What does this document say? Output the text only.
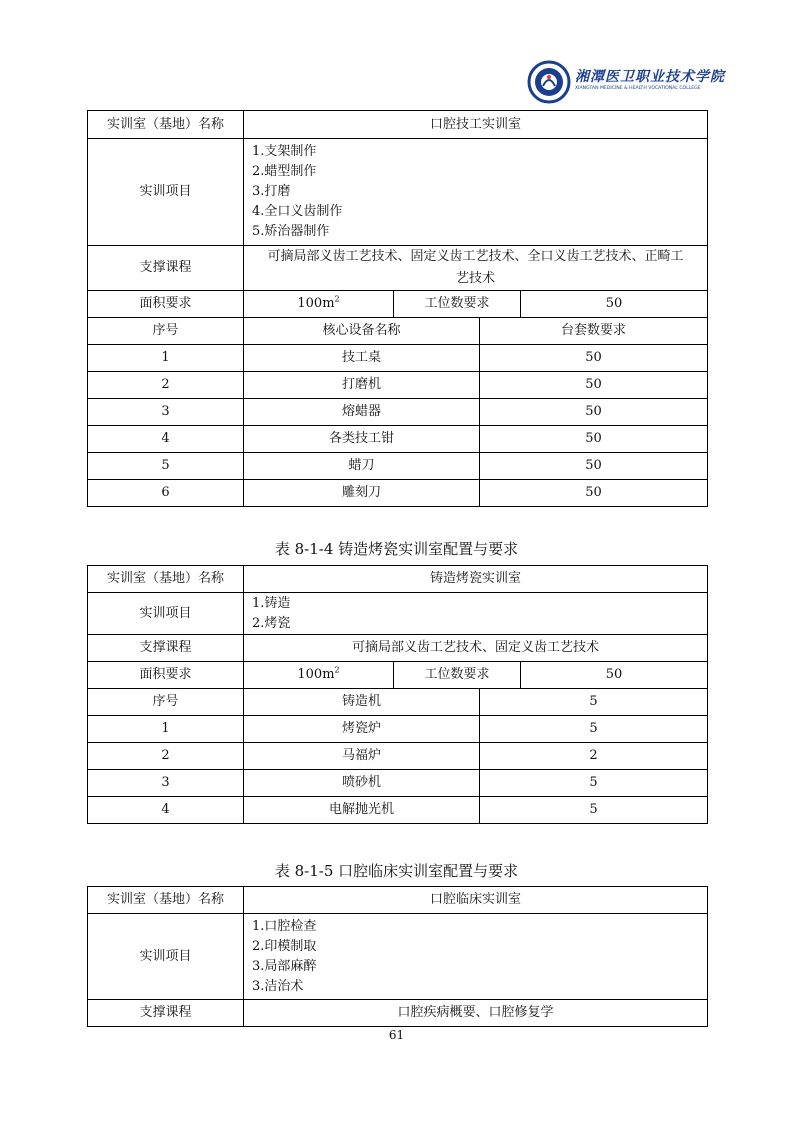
湘潭医卫职业技术学院
XIANGTAN MEDICINE & HEALTH VOCATIONAL COLLEGE
实训室（基地）名称	口腔技工实训室			
实训项目	1.支架制作
2.蜡型制作
3.打磨
4.全口义齿制作
5.矫治器制作			

支撑课程	可摘局部义齿工艺技术、固定义齿工艺技术、全口义齿工艺技术、正畸工
艺技术			

面积要求	$100m^2$	工位数要求		50
序号	核心设备名称		台套数要求	
1	技工桌		50	
2	打磨机		50	
3	熔蜡器		50	
4	各类技工钳		50	
5	蜡刀		50	
6	雕刻刀		50	
表 8-1-4 铸造烤瓷实训室配置与要求
实训室（基地）名称	铸造烤瓷实训室			
实训项目	1.铸造
2.烤瓷			

支撑课程	可摘局部义齿工艺技术、固定义齿工艺技术			
面积要求	$100m^2$	工位数要求		50
序号	铸造机		5	
1	烤瓷炉		5	
2	马福炉		2	
3	喷砂机		5	
4	电解抛光机		5	
表 8-1-5 口腔临床实训室配置与要求
实训室（基地）名称	口腔临床实训室
实训项目	1.口腔检查
2.印模制取
3.局部麻醉
3.洁治术

支撑课程	口腔疾病概要、口腔修复学
61
